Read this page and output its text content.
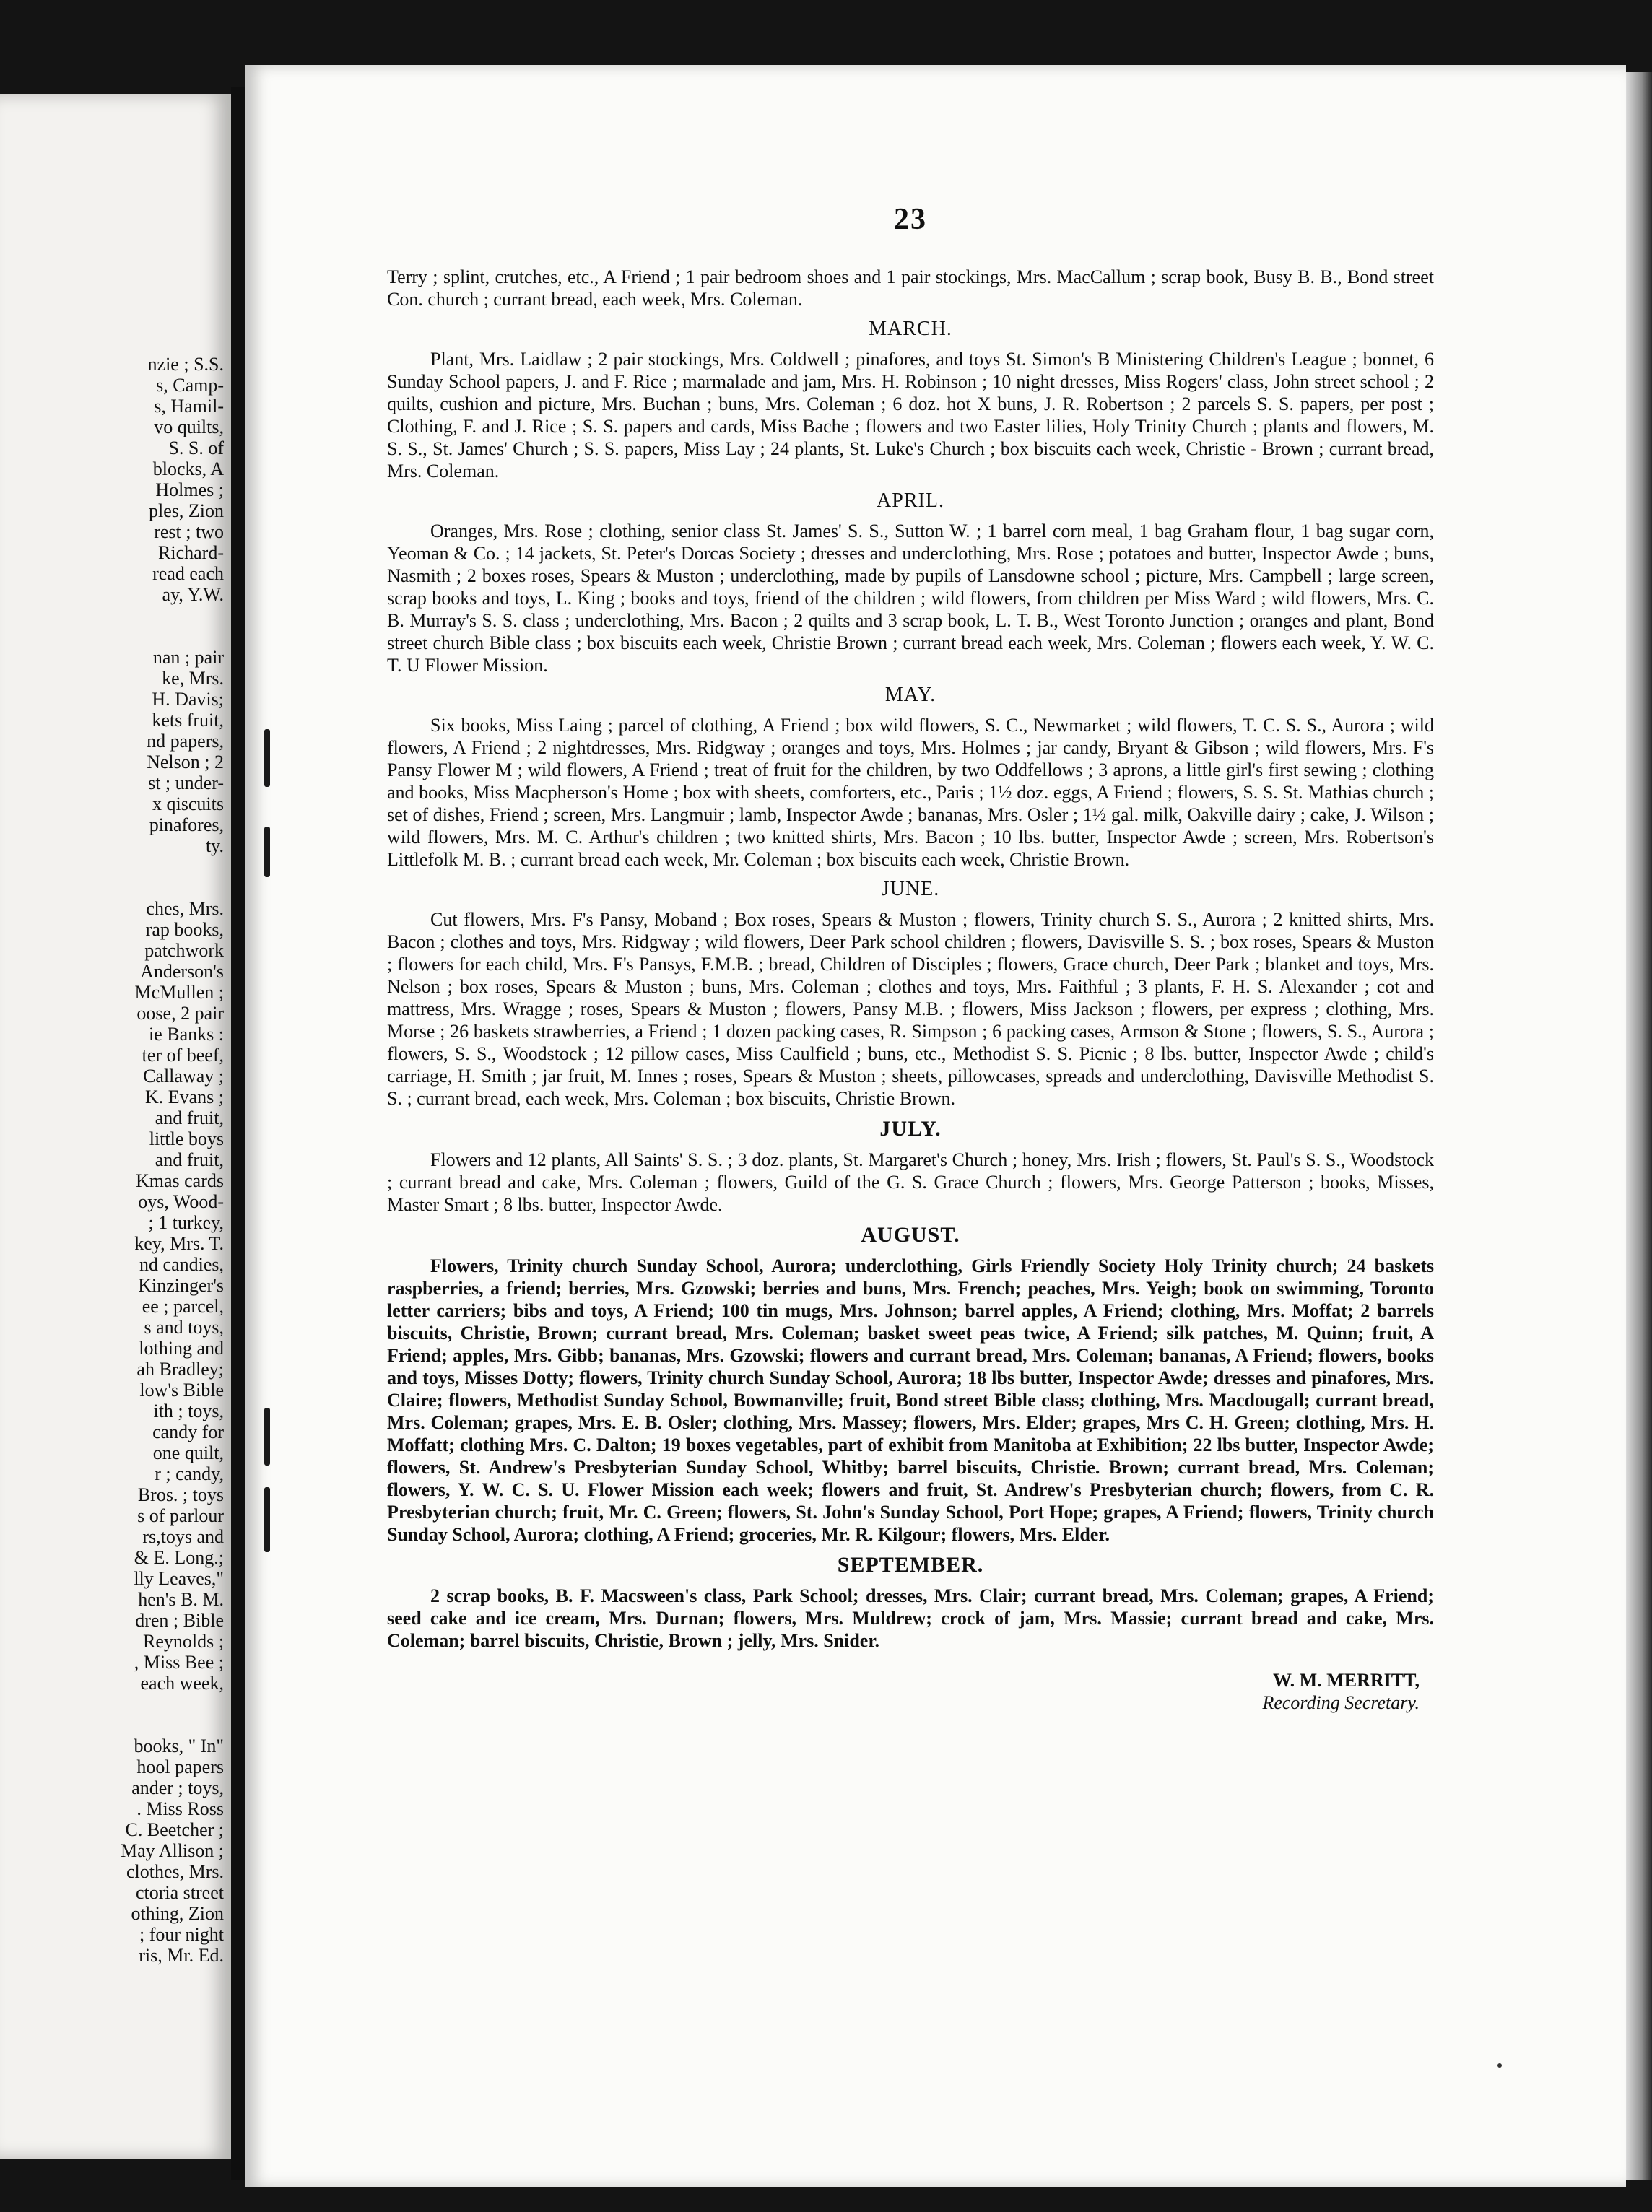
nzie ; S.S.
s, Camp-
s, Hamil-
vo quilts,
S. S. of
blocks, A
Holmes ;
ples, Zion
rest ; two
Richard-
read each
ay, Y.W.
nan ; pair
ke, Mrs.
H. Davis;
kets fruit,
nd papers,
Nelson ; 2
st ; under-
x qiscuits
pinafores,
ty.
ches, Mrs.
rap books,
patchwork
Anderson's
McMullen ;
oose, 2 pair
ie Banks :
ter of beef,
Callaway ;
K. Evans ;
and fruit,
little boys
and fruit,
Kmas cards
oys, Wood-
; 1 turkey,
key, Mrs. T.
nd candies,
Kinzinger's
ee ; parcel,
s and toys,
lothing and
ah Bradley;
low's Bible
ith ; toys,
candy for
one quilt,
r ; candy,
Bros. ; toys
s of parlour
rs,toys and
& E. Long.;
lly Leaves,"
hen's B. M.
dren ; Bible
Reynolds ;
, Miss Bee ;
each week,
books, " In"
hool papers
ander ; toys,
. Miss Ross
C. Beetcher ;
May Allison ;
clothes, Mrs.
ctoria street
othing, Zion
; four night
ris, Mr. Ed.
23

Terry ; splint, crutches, etc., A Friend ; 1 pair bedroom shoes and 1 pair stockings, Mrs. MacCallum ; scrap book, Busy B. B., Bond street Con. church ; currant bread, each week, Mrs. Coleman.

MARCH.

Plant, Mrs. Laidlaw ; 2 pair stockings, Mrs. Coldwell ; pinafores, and toys St. Simon's B Ministering Children's League ; bonnet, 6 Sunday School papers, J. and F. Rice ; marmalade and jam, Mrs. H. Robinson ; 10 night dresses, Miss Rogers' class, John street school ; 2 quilts, cushion and picture, Mrs. Buchan ; buns, Mrs. Coleman ; 6 doz. hot X buns, J. R. Robertson ; 2 parcels S. S. papers, per post ; Clothing, F. and J. Rice ; S. S. papers and cards, Miss Bache ; flowers and two Easter lilies, Holy Trinity Church ; plants and flowers, M. S. S., St. James' Church ; S. S. papers, Miss Lay ; 24 plants, St. Luke's Church ; box biscuits each week, Christie - Brown ; currant bread, Mrs. Coleman.

APRIL.

Oranges, Mrs. Rose ; clothing, senior class St. James' S. S., Sutton W. ; 1 barrel corn meal, 1 bag Graham flour, 1 bag sugar corn, Yeoman & Co. ; 14 jackets, St. Peter's Dorcas Society ; dresses and underclothing, Mrs. Rose ; potatoes and butter, Inspector Awde ; buns, Nasmith ; 2 boxes roses, Spears & Muston ; underclothing, made by pupils of Lansdowne school ; picture, Mrs. Campbell ; large screen, scrap books and toys, L. King ; books and toys, friend of the children ; wild flowers, from children per Miss Ward ; wild flowers, Mrs. C. B. Murray's S. S. class ; underclothing, Mrs. Bacon ; 2 quilts and 3 scrap book, L. T. B., West Toronto Junction ; oranges and plant, Bond street church Bible class ; box biscuits each week, Christie Brown ; currant bread each week, Mrs. Coleman ; flowers each week, Y. W. C. T. U Flower Mission.

MAY.

Six books, Miss Laing ; parcel of clothing, A Friend ; box wild flowers, S. C., Newmarket ; wild flowers, T. C. S. S., Aurora ; wild flowers, A Friend ; 2 nightdresses, Mrs. Ridgway ; oranges and toys, Mrs. Holmes ; jar candy, Bryant & Gibson ; wild flowers, Mrs. F's Pansy Flower M ; wild flowers, A Friend ; treat of fruit for the children, by two Oddfellows ; 3 aprons, a little girl's first sewing ; clothing and books, Miss Macpherson's Home ; box with sheets, comforters, etc., Paris ; 1½ doz. eggs, A Friend ; flowers, S. S. St. Mathias church ; set of dishes, Friend ; screen, Mrs. Langmuir ; lamb, Inspector Awde ; bananas, Mrs. Osler ; 1½ gal. milk, Oakville dairy ; cake, J. Wilson ; wild flowers, Mrs. M. C. Arthur's children ; two knitted shirts, Mrs. Bacon ; 10 lbs. butter, Inspector Awde ; screen, Mrs. Robertson's Littlefolk M. B. ; currant bread each week, Mr. Coleman ; box biscuits each week, Christie Brown.

JUNE.

Cut flowers, Mrs. F's Pansy, Moband ; Box roses, Spears & Muston ; flowers, Trinity church S. S., Aurora ; 2 knitted shirts, Mrs. Bacon ; clothes and toys, Mrs. Ridgway ; wild flowers, Deer Park school children ; flowers, Davisville S. S. ; box roses, Spears & Muston ; flowers for each child, Mrs. F's Pansys, F.M.B. ; bread, Children of Disciples ; flowers, Grace church, Deer Park ; blanket and toys, Mrs. Nelson ; box roses, Spears & Muston ; buns, Mrs. Coleman ; clothes and toys, Mrs. Faithful ; 3 plants, F. H. S. Alexander ; cot and mattress, Mrs. Wragge ; roses, Spears & Muston ; flowers, Pansy M.B. ; flowers, Miss Jackson ; flowers, per express ; clothing, Mrs. Morse ; 26 baskets strawberries, a Friend ; 1 dozen packing cases, R. Simpson ; 6 packing cases, Armson & Stone ; flowers, S. S., Aurora ; flowers, S. S., Woodstock ; 12 pillow cases, Miss Caulfield ; buns, etc., Methodist S. S. Picnic ; 8 lbs. butter, Inspector Awde ; child's carriage, H. Smith ; jar fruit, M. Innes ; roses, Spears & Muston ; sheets, pillowcases, spreads and underclothing, Davisville Methodist S. S. ; currant bread, each week, Mrs. Coleman ; box biscuits, Christie Brown.

JULY.

Flowers and 12 plants, All Saints' S. S. ; 3 doz. plants, St. Margaret's Church ; honey, Mrs. Irish ; flowers, St. Paul's S. S., Woodstock ; currant bread and cake, Mrs. Coleman ; flowers, Guild of the G. S. Grace Church ; flowers, Mrs. George Patterson ; books, Misses, Master Smart ; 8 lbs. butter, Inspector Awde.

AUGUST.

Flowers, Trinity church Sunday School, Aurora; underclothing, Girls Friendly Society Holy Trinity church; 24 baskets raspberries, a friend; berries, Mrs. Gzowski; berries and buns, Mrs. French; peaches, Mrs. Yeigh; book on swimming, Toronto letter carriers; bibs and toys, A Friend; 100 tin mugs, Mrs. Johnson; barrel apples, A Friend; clothing, Mrs. Moffat; 2 barrels biscuits, Christie, Brown; currant bread, Mrs. Coleman; basket sweet peas twice, A Friend; silk patches, M. Quinn; fruit, A Friend; apples, Mrs. Gibb; bananas, Mrs. Gzowski; flowers and currant bread, Mrs. Coleman; bananas, A Friend; flowers, books and toys, Misses Dotty; flowers, Trinity church Sunday School, Aurora; 18 lbs butter, Inspector Awde; dresses and pinafores, Mrs. Claire; flowers, Methodist Sunday School, Bowmanville; fruit, Bond street Bible class; clothing, Mrs. Macdougall; currant bread, Mrs. Coleman; grapes, Mrs. E. B. Osler; clothing, Mrs. Massey; flowers, Mrs. Elder; grapes, Mrs C. H. Green; clothing, Mrs. H. Moffatt; clothing Mrs. C. Dalton; 19 boxes vegetables, part of exhibit from Manitoba at Exhibition; 22 lbs butter, Inspector Awde; flowers, St. Andrew's Presbyterian Sunday School, Whitby; barrel biscuits, Christie. Brown; currant bread, Mrs. Coleman; flowers, Y. W. C. S. U. Flower Mission each week; flowers and fruit, St. Andrew's Presbyterian church; flowers, from C. R. Presbyterian church; fruit, Mr. C. Green; flowers, St. John's Sunday School, Port Hope; grapes, A Friend; flowers, Trinity church Sunday School, Aurora; clothing, A Friend; groceries, Mr. R. Kilgour; flowers, Mrs. Elder.

SEPTEMBER.

2 scrap books, B. F. Macsween's class, Park School; dresses, Mrs. Clair; currant bread, Mrs. Coleman; grapes, A Friend; seed cake and ice cream, Mrs. Durnan; flowers, Mrs. Muldrew; crock of jam, Mrs. Massie; currant bread and cake, Mrs. Coleman; barrel biscuits, Christie, Brown ; jelly, Mrs. Snider.

W. M. MERRITT,
Recording Secretary.
